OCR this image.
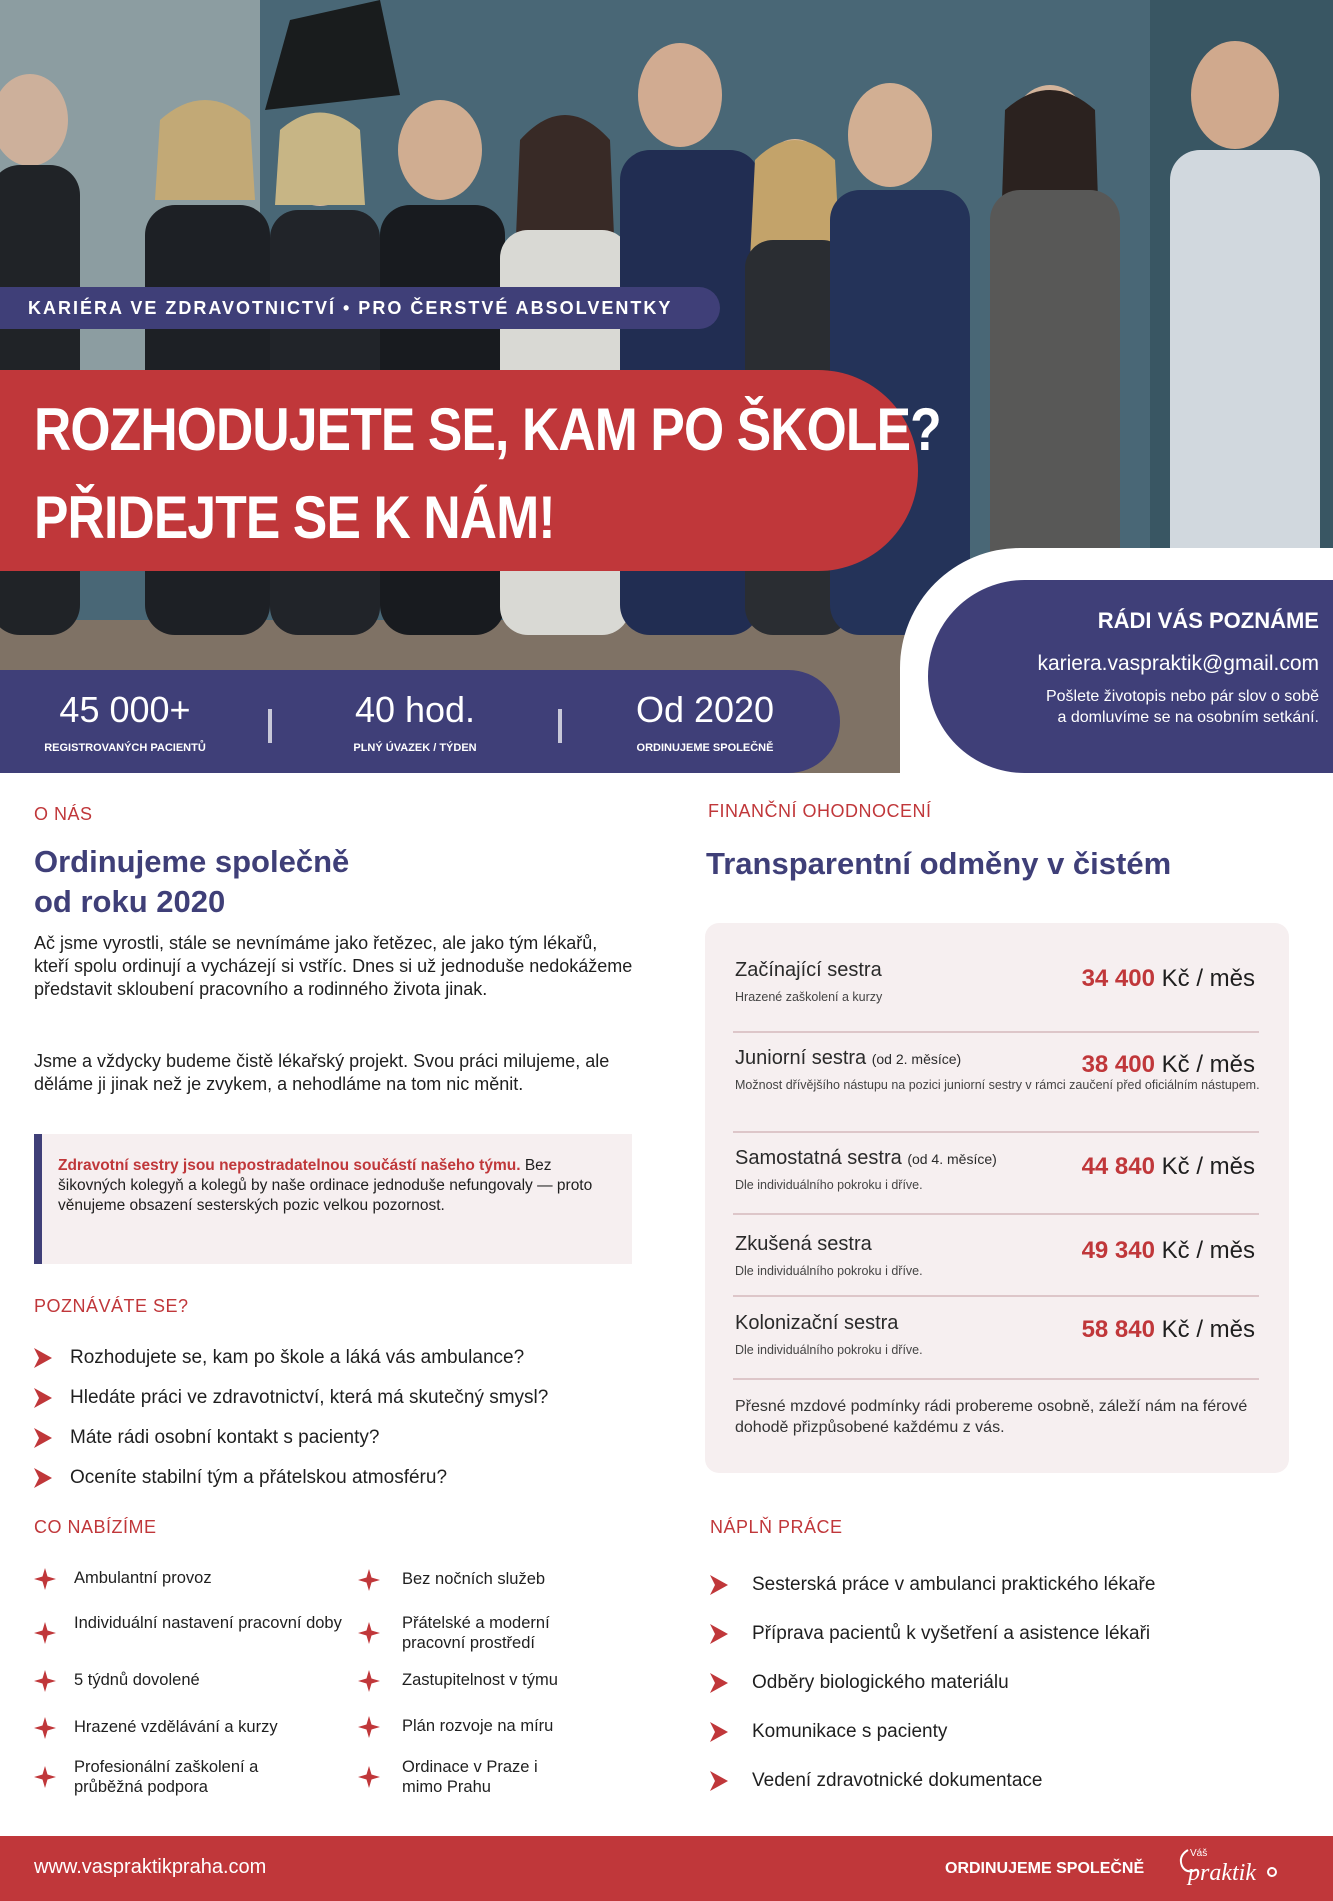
KARIÉRA VE ZDRAVOTNICTVÍ • PRO ČERSTVÉ ABSOLVENTKY
ROZHODUJETE SE, KAM PO ŠKOLE?
PŘIDEJTE SE K NÁM!
45 000+
REGISTROVANÝCH PACIENTŮ
40 hod.
PLNÝ ÚVAZEK / TÝDEN
Od 2020
ORDINUJEME SPOLEČNĚ
RÁDI VÁS POZNÁME
kariera.vaspraktik@gmail.com
Pošlete životopis nebo pár slov o sobě
a domluvíme se na osobním setkání.
O NÁS
Ordinujeme společně
od roku 2020
Ač jsme vyrostli, stále se nevnímáme jako řetězec, ale jako tým lékařů, kteří spolu ordinují a vycházejí si vstříc. Dnes si už jednoduše nedokážeme představit skloubení pracovního a rodinného života jinak.
Jsme a vždycky budeme čistě lékařský projekt. Svou práci milujeme, ale děláme ji jinak než je zvykem, a nehodláme na tom nic měnit.
Zdravotní sestry jsou nepostradatelnou součástí našeho týmu. Bez šikovných kolegyň a kolegů by naše ordinace jednoduše nefungovaly — proto věnujeme obsazení sesterských pozic velkou pozornost.
POZNÁVÁTE SE?
Rozhodujete se, kam po škole a láká vás ambulance?
Hledáte práci ve zdravotnictví, která má skutečný smysl?
Máte rádi osobní kontakt s pacienty?
Oceníte stabilní tým a přátelskou atmosféru?
CO NABÍZÍME
Ambulantní provoz
Individuální nastavení pracovní doby
5 týdnů dovolené
Hrazené vzdělávání a kurzy
Profesionální zaškolení a průběžná podpora
Bez nočních služeb
Přátelské a moderní pracovní prostředí
Zastupitelnost v týmu
Plán rozvoje na míru
Ordinace v Praze i mimo Prahu
FINANČNÍ OHODNOCENÍ
Transparentní odměny v čistém
Začínající sestra
Hrazené zaškolení a kurzy
34 400 Kč / měs
Juniorní sestra (od 2. měsíce)
Možnost dřívějšího nástupu na pozici juniorní sestry v rámci zaučení před oficiálním nástupem.
38 400 Kč / měs
Samostatná sestra (od 4. měsíce)
Dle individuálního pokroku i dříve.
44 840 Kč / měs
Zkušená sestra
Dle individuálního pokroku i dříve.
49 340 Kč / měs
Kolonizační sestra
Dle individuálního pokroku i dříve.
58 840 Kč / měs
Přesné mzdové podmínky rádi probereme osobně, záleží nám na férové dohodě přizpůsobené každému z vás.
NÁPLŇ PRÁCE
Sesterská práce v ambulanci praktického lékaře
Příprava pacientů k vyšetření a asistence lékaři
Odběry biologického materiálu
Komunikace s pacienty
Vedení zdravotnické dokumentace
www.vaspraktikpraha.com	ORDINUJEME SPOLEČNĚ
Váš
praktik
